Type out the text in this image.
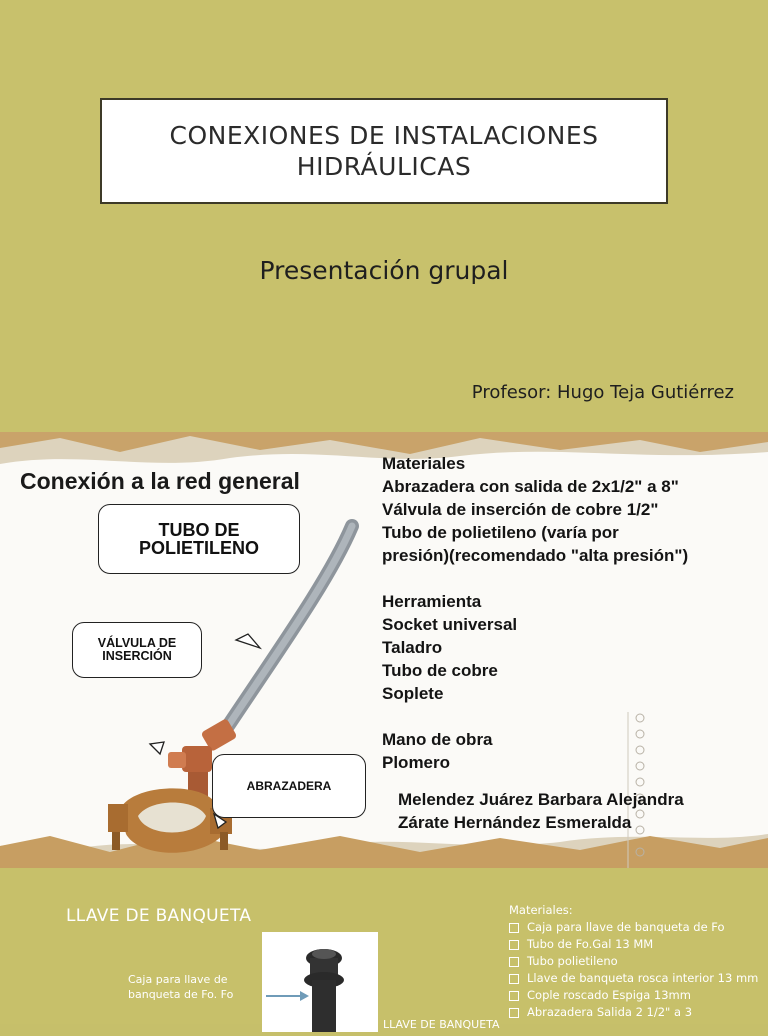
CONEXIONES DE INSTALACIONES
HIDRÁULICAS
Presentación grupal
Profesor: Hugo Teja Gutiérrez
Conexión a la red general
TUBO DE
POLIETILENO
VÁLVULA DE
INSERCIÓN
ABRAZADERA
Materiales
Abrazadera con salida de 2x1/2" a 8"
Válvula de inserción de cobre 1/2"
Tubo de polietileno (varía por
presión)(recomendado "alta presión")
Herramienta
Socket universal
Taladro
Tubo de cobre
Soplete
Mano de obra
Plomero
Melendez Juárez Barbara Alejandra
Zárate Hernández Esmeralda
LLAVE DE BANQUETA
Caja para llave de banqueta de Fo. Fo
Materiales:
Caja para llave de banqueta de Fo
Tubo de Fo.Gal 13 MM
Tubo polietileno
Llave de banqueta rosca interior 13 mm
Cople roscado Espiga 13mm
Abrazadera Salida 2 1/2" a 3
LLAVE DE BANQUETA
